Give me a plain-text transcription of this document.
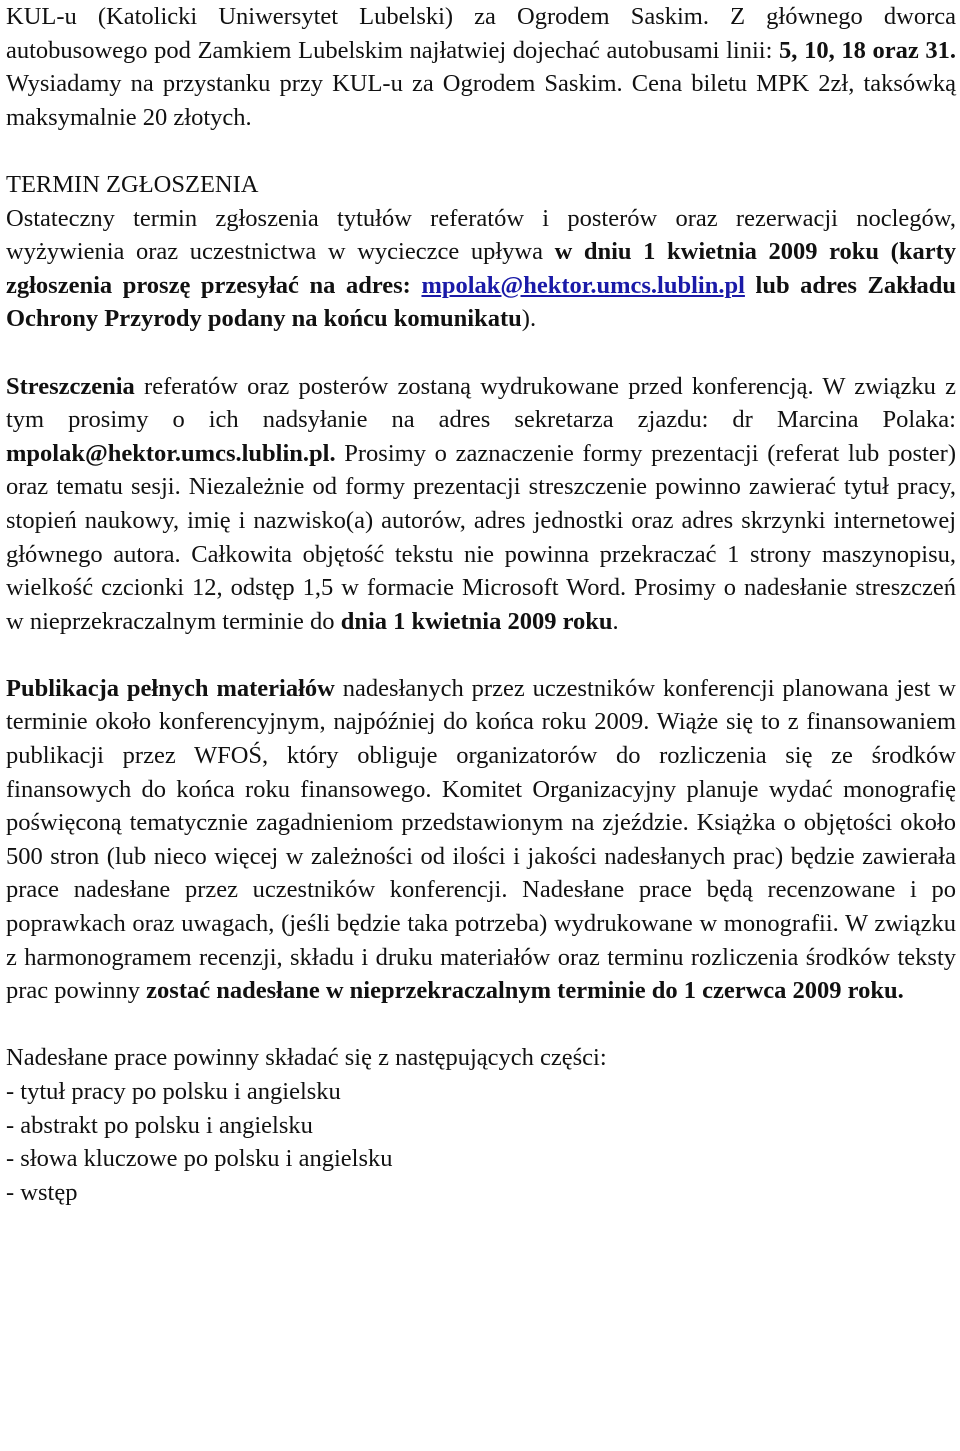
KUL-u (Katolicki Uniwersytet Lubelski) za Ogrodem Saskim. Z głównego dworca autobusowego pod Zamkiem Lubelskim najłatwiej dojechać autobusami linii: 5, 10, 18 oraz 31. Wysiadamy na przystanku przy KUL-u za Ogrodem Saskim. Cena biletu MPK 2zł, taksówką maksymalnie 20 złotych.

TERMIN ZGŁOSZENIA

Ostateczny termin zgłoszenia tytułów referatów i posterów oraz rezerwacji noclegów, wyżywienia oraz uczestnictwa w wycieczce upływa w dniu 1 kwietnia 2009 roku (karty zgłoszenia proszę przesyłać na adres: mpolak@hektor.umcs.lublin.pl lub adres Zakładu Ochrony Przyrody podany na końcu komunikatu).

Streszczenia referatów oraz posterów zostaną wydrukowane przed konferencją. W związku z tym prosimy o ich nadsyłanie na adres sekretarza zjazdu: dr Marcina Polaka: mpolak@hektor.umcs.lublin.pl. Prosimy o zaznaczenie formy prezentacji (referat lub poster) oraz tematu sesji. Niezależnie od formy prezentacji streszczenie powinno zawierać tytuł pracy, stopień naukowy, imię i nazwisko(a) autorów, adres jednostki oraz adres skrzynki internetowej głównego autora. Całkowita objętość tekstu nie powinna przekraczać 1 strony maszynopisu, wielkość czcionki 12, odstęp 1,5 w formacie Microsoft Word. Prosimy o nadesłanie streszczeń w nieprzekraczalnym terminie do dnia 1 kwietnia 2009 roku.

Publikacja pełnych materiałów nadesłanych przez uczestników konferencji planowana jest w terminie około konferencyjnym, najpóźniej do końca roku 2009. Wiąże się to z finansowaniem publikacji przez WFOŚ, który obliguje organizatorów do rozliczenia się ze środków finansowych do końca roku finansowego. Komitet Organizacyjny planuje wydać monografię poświęconą tematycznie zagadnieniom przedstawionym na zjeździe. Książka o objętości około 500 stron (lub nieco więcej w zależności od ilości i jakości nadesłanych prac) będzie zawierała prace nadesłane przez uczestników konferencji. Nadesłane prace będą recenzowane i po poprawkach oraz uwagach, (jeśli będzie taka potrzeba) wydrukowane w monografii. W związku z harmonogramem recenzji, składu i druku materiałów oraz terminu rozliczenia środków teksty prac powinny zostać nadesłane w nieprzekraczalnym terminie do 1 czerwca 2009 roku.

Nadesłane prace powinny składać się z następujących części:

- tytuł pracy po polsku i angielsku
- abstrakt po polsku i angielsku
- słowa kluczowe po polsku i angielsku
- wstęp
